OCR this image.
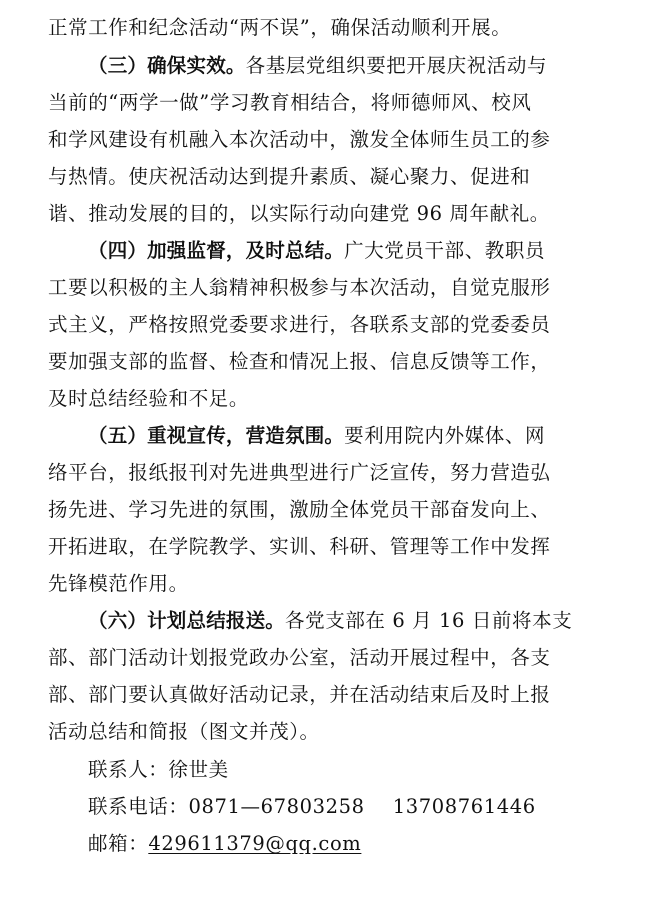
正常工作和纪念活动“两不误”，确保活动顺利开展。
（三）确保实效。各基层党组织要把开展庆祝活动与
当前的“两学一做”学习教育相结合，将师德师风、校风
和学风建设有机融入本次活动中，激发全体师生员工的参
与热情。使庆祝活动达到提升素质、凝心聚力、促进和
谐、推动发展的目的，以实际行动向建党 96 周年献礼。
（四）加强监督，及时总结。广大党员干部、教职员
工要以积极的主人翁精神积极参与本次活动，自觉克服形
式主义，严格按照党委要求进行，各联系支部的党委委员
要加强支部的监督、检查和情况上报、信息反馈等工作，
及时总结经验和不足。
（五）重视宣传，营造氛围。要利用院内外媒体、网
络平台，报纸报刊对先进典型进行广泛宣传，努力营造弘
扬先进、学习先进的氛围，激励全体党员干部奋发向上、
开拓进取，在学院教学、实训、科研、管理等工作中发挥
先锋模范作用。
（六）计划总结报送。各党支部在 6 月 16 日前将本支
部、部门活动计划报党政办公室，活动开展过程中，各支
部、部门要认真做好活动记录，并在活动结束后及时上报
活动总结和简报（图文并茂）。
联系人：徐世美
联系电话：0871—67803258 13708761446
邮箱：429611379@qq.com
